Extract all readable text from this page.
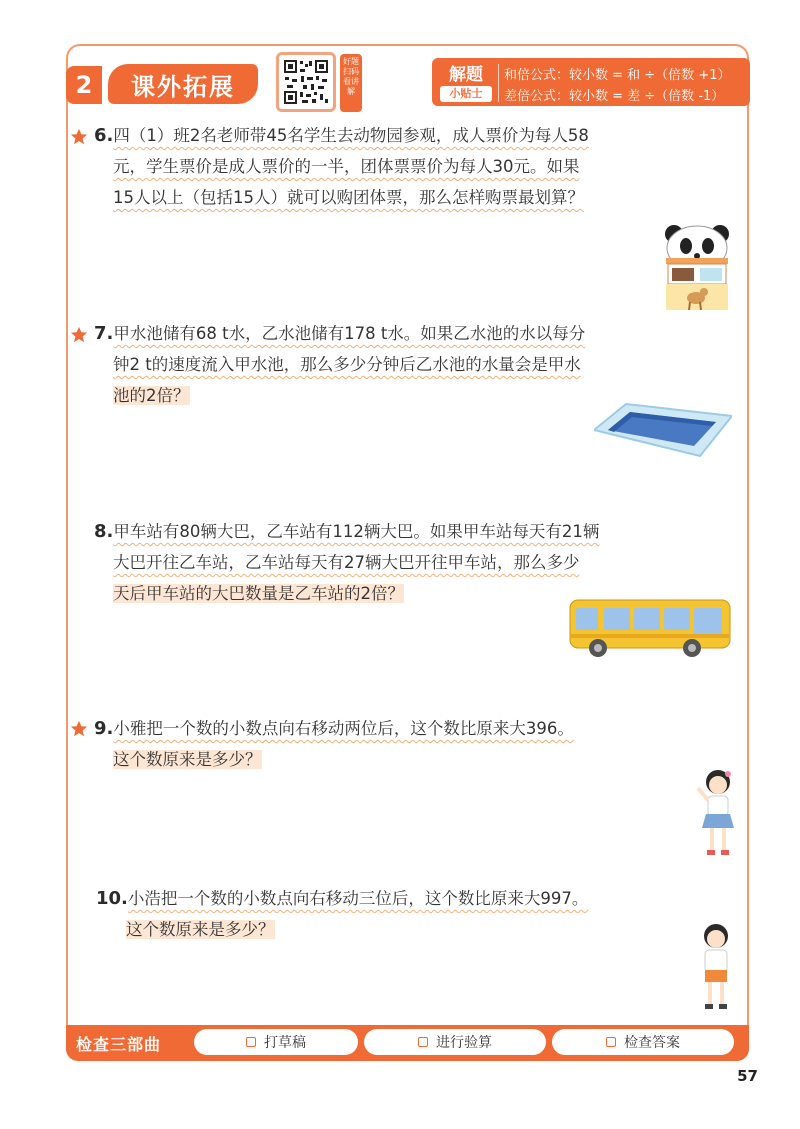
2	课外拓展
好题扫码看讲解
解题
小贴士
和倍公式：较小数 = 和 ÷（倍数 +1）
差倍公式：较小数 = 差 ÷（倍数 -1）
6.四（1）班2名老师带45名学生去动物园参观，成人票价为每人58
元，学生票价是成人票价的一半，团体票票价为每人30元。如果
15人以上（包括15人）就可以购团体票，那么怎样购票最划算？
7.甲水池储有68 t水，乙水池储有178 t水。如果乙水池的水以每分
钟2 t的速度流入甲水池，那么多少分钟后乙水池的水量会是甲水
池的2倍？
8.甲车站有80辆大巴，乙车站有112辆大巴。如果甲车站每天有21辆
大巴开往乙车站，乙车站每天有27辆大巴开往甲车站，那么多少
天后甲车站的大巴数量是乙车站的2倍？
9.小雅把一个数的小数点向右移动两位后，这个数比原来大396。
这个数原来是多少？
10.小浩把一个数的小数点向右移动三位后，这个数比原来大997。
这个数原来是多少？
检查三部曲	打草稿	进行验算	检查答案
57
